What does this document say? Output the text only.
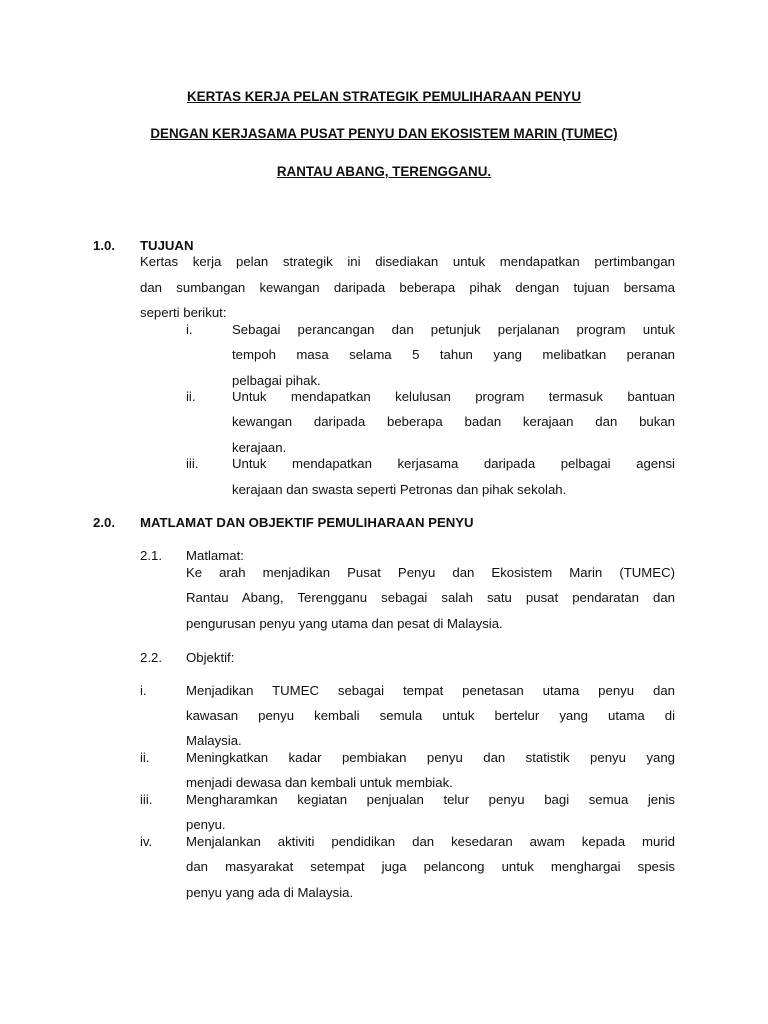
KERTAS KERJA PELAN STRATEGIK PEMULIHARAAN PENYU
DENGAN KERJASAMA PUSAT PENYU DAN EKOSISTEM MARIN (TUMEC)
RANTAU ABANG, TERENGGANU.
1.0. TUJUAN
Kertas kerja pelan strategik ini disediakan untuk mendapatkan pertimbangan
dan sumbangan kewangan daripada beberapa pihak dengan tujuan bersama
seperti berikut:
i.	Sebagai perancangan dan petunjuk perjalanan program untuk
tempoh masa selama 5 tahun yang melibatkan peranan
pelbagai pihak.
ii.	Untuk mendapatkan kelulusan program termasuk bantuan
kewangan daripada beberapa badan kerajaan dan bukan
kerajaan.
iii.	Untuk mendapatkan kerjasama daripada pelbagai agensi
kerajaan dan swasta seperti Petronas dan pihak sekolah.
2.0. MATLAMAT DAN OBJEKTIF PEMULIHARAAN PENYU
2.1. Matlamat:
Ke arah menjadikan Pusat Penyu dan Ekosistem Marin (TUMEC)
Rantau Abang, Terengganu sebagai salah satu pusat pendaratan dan
pengurusan penyu yang utama dan pesat di Malaysia.
2.2. Objektif:
i.	Menjadikan TUMEC sebagai tempat penetasan utama penyu dan
kawasan penyu kembali semula untuk bertelur yang utama di
Malaysia.
ii.	Meningkatkan kadar pembiakan penyu dan statistik penyu yang
menjadi dewasa dan kembali untuk membiak.
iii.	Mengharamkan kegiatan penjualan telur penyu bagi semua jenis
penyu.
iv.	Menjalankan aktiviti pendidikan dan kesedaran awam kepada murid
dan masyarakat setempat juga pelancong untuk menghargai spesis
penyu yang ada di Malaysia.
